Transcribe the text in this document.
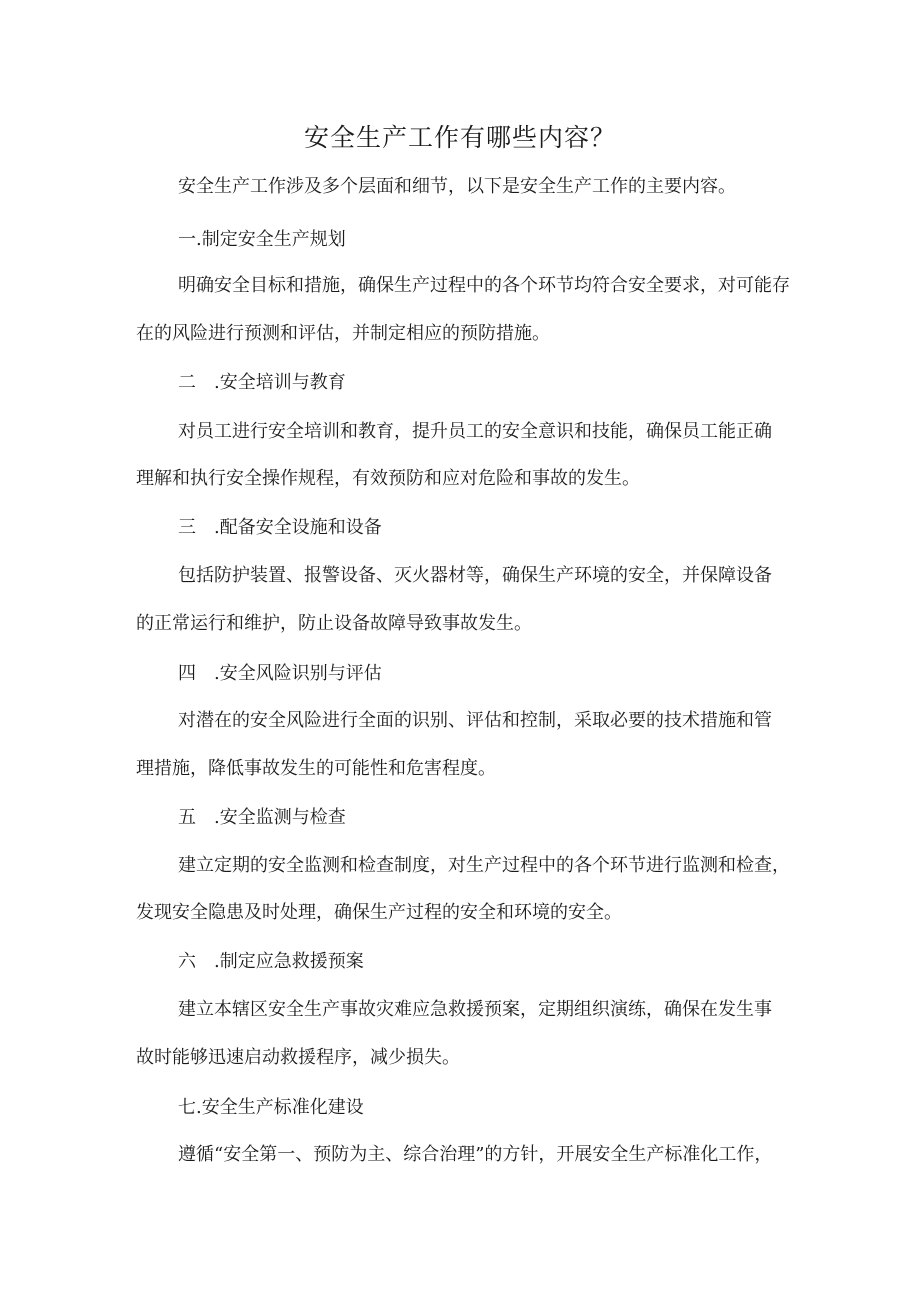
安全生产工作有哪些内容？
安全生产工作涉及多个层面和细节，以下是安全生产工作的主要内容。
一.制定安全生产规划
明确安全目标和措施，确保生产过程中的各个环节均符合安全要求，对可能存
在的风险进行预测和评估，并制定相应的预防措施。
二　.安全培训与教育
对员工进行安全培训和教育，提升员工的安全意识和技能，确保员工能正确
理解和执行安全操作规程，有效预防和应对危险和事故的发生。
三　.配备安全设施和设备
包括防护装置、报警设备、灭火器材等，确保生产环境的安全，并保障设备
的正常运行和维护，防止设备故障导致事故发生。
四　.安全风险识别与评估
对潜在的安全风险进行全面的识别、评估和控制，采取必要的技术措施和管
理措施，降低事故发生的可能性和危害程度。
五　.安全监测与检查
建立定期的安全监测和检查制度，对生产过程中的各个环节进行监测和检查，
发现安全隐患及时处理，确保生产过程的安全和环境的安全。
六　.制定应急救援预案
建立本辖区安全生产事故灾难应急救援预案，定期组织演练，确保在发生事
故时能够迅速启动救援程序，减少损失。
七.安全生产标准化建设
遵循“安全第一、预防为主、综合治理”的方针，开展安全生产标准化工作，
